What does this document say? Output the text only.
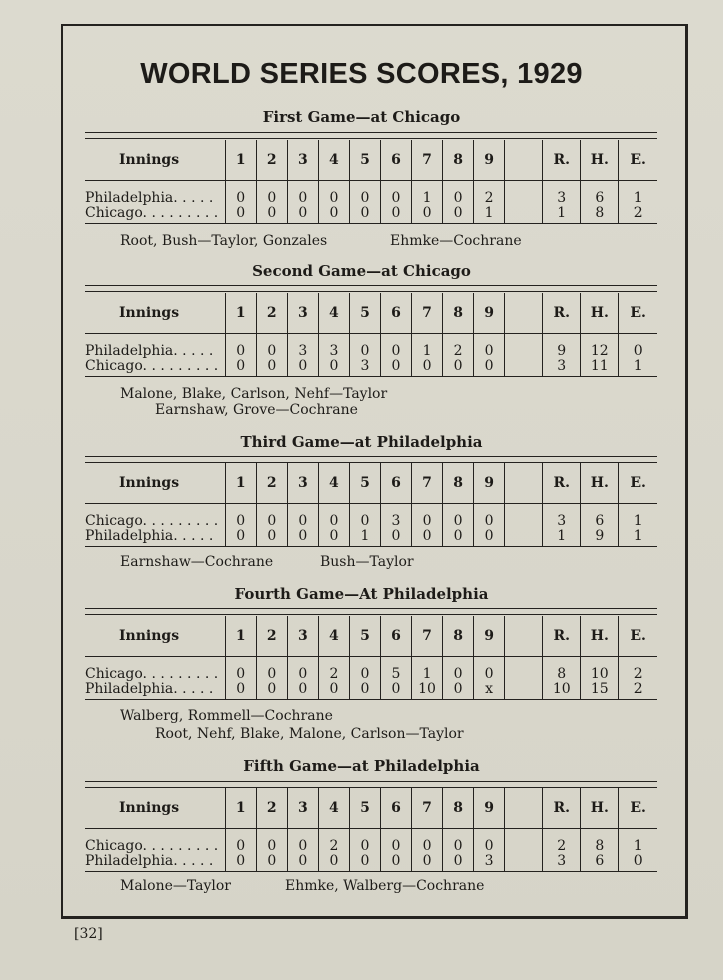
WORLD SERIES SCORES, 1929
First Game—at Chicago
Innings	1	2	3	4	5	6	7	8	9		R.	H.	E.
Philadelphia. . . . .	0	0	0	0	0	0	1	0	2		3	6	1
Chicago. . . . . . . . .	0	0	0	0	0	0	0	0	1		1	8	2
Root, Bush—Taylor, Gonzales	Ehmke—Cochrane
Second Game—at Chicago
Innings	1	2	3	4	5	6	7	8	9		R.	H.	E.
Philadelphia. . . . .	0	0	3	3	0	0	1	2	0		9	12	0
Chicago. . . . . . . . .	0	0	0	0	3	0	0	0	0		3	11	1
Malone, Blake, Carlson, Nehf—Taylor
Earnshaw, Grove—Cochrane
Third Game—at Philadelphia
Innings	1	2	3	4	5	6	7	8	9		R.	H.	E.
Chicago. . . . . . . . .	0	0	0	0	0	3	0	0	0		3	6	1
Philadelphia. . . . .	0	0	0	0	1	0	0	0	0		1	9	1
Earnshaw—Cochrane	Bush—Taylor
Fourth Game—At Philadelphia
Innings	1	2	3	4	5	6	7	8	9		R.	H.	E.
Chicago. . . . . . . . .	0	0	0	2	0	5	1	0	0		8	10	2
Philadelphia. . . . .	0	0	0	0	0	0	10	0	x		10	15	2
Walberg, Rommell—Cochrane
Root, Nehf, Blake, Malone, Carlson—Taylor
Fifth Game—at Philadelphia
Innings	1	2	3	4	5	6	7	8	9		R.	H.	E.
Chicago. . . . . . . . .	0	0	0	2	0	0	0	0	0		2	8	1
Philadelphia. . . . .	0	0	0	0	0	0	0	0	3		3	6	0
Malone—Taylor	Ehmke, Walberg—Cochrane
[32]
